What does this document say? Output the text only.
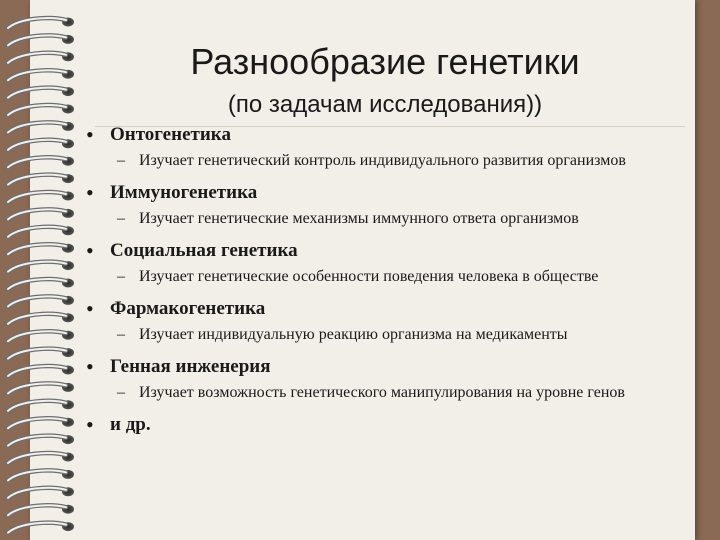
Разнообразие генетики
(по задачам исследования))
• Онтогенетика
– Изучает генетический контроль индивидуального развития организмов
• Иммуногенетика
– Изучает генетические механизмы иммунного ответа организмов
• Социальная генетика
– Изучает генетические особенности поведения человека в обществе
• Фармакогенетика
– Изучает индивидуальную реакцию организма на медикаменты
• Генная инженерия
– Изучает возможность генетического манипулирования на уровне генов
• и др.
